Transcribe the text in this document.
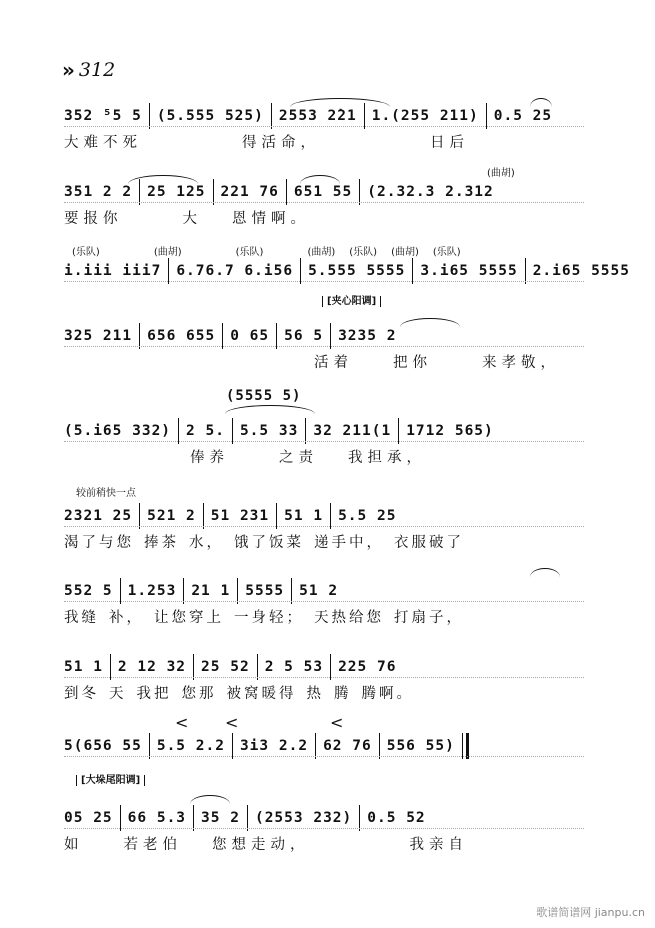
» 312
352 ⁵5 5 (5.555 525) 2553 2̇21 1.(255 211) 0.5 25
大难不死	得活命，	日后
(曲胡)
351 2 2 25 125 221 76 651 55 (2.32.3 2.312
要报你	大 恩情啊。
(乐队)	(曲胡)	(乐队)	(曲胡) (乐队) (曲胡) (乐队)
i.iii iii7 6.76.7 6.i56 5.555 5555 3.i65 5555 2.i65 5555
[夹心阳调]
325 211 656 655 0 65 56 5 3235 2
活着	把你	来孝敬，
(5555 5)
(5.i65 332) 2 5. 5.5 33 32 211(1 1712 565)
俸养	之责 我担承，
较前稍快一点
2321 25 521 2 51 231 51 1 5.5 25
渴了与您 捧茶 水， 饿了饭菜 递手中， 衣服破了
552 5 1.253 21 1 5555 51 2
我缝 补， 让您穿上 一身轻； 天热给您 打扇子，
51 1 2 12 32 25 52 2 5 53 225 76
到冬 天 我把 您那 被窝暖得 热 腾 腾啊。
< <	<
5(656 55 5.5 2.2 3i3 2.2 62 76 556 55)
[大垛尾阳调]
05 25 66 5.3 35 2 (2553 232) 0.5 52
如	若老伯 您想走动，	我亲自
歌谱简谱网 jianpu.cn
